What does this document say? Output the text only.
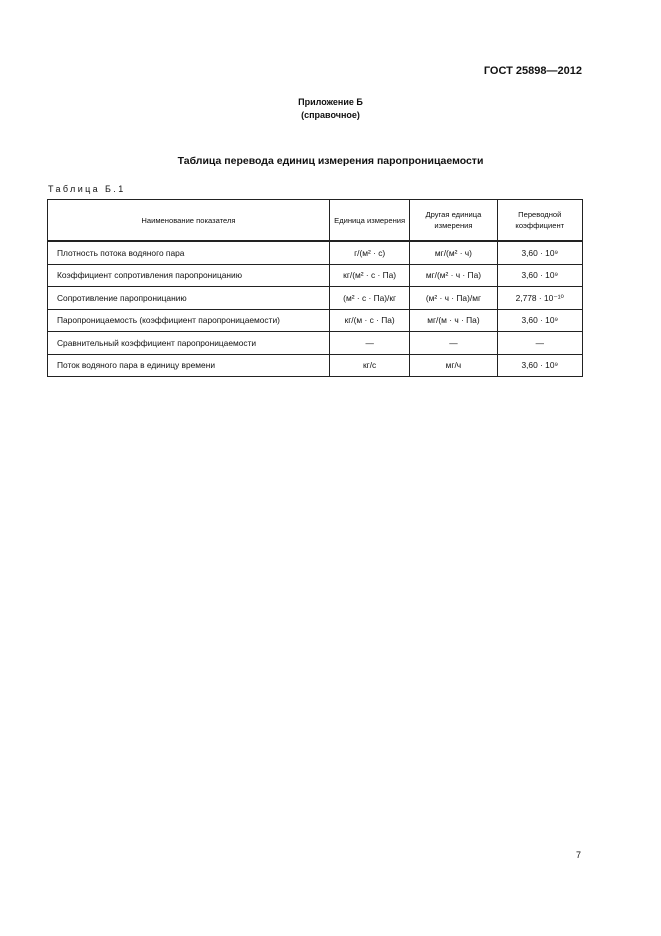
ГОСТ 25898—2012
Приложение Б
(справочное)
Таблица перевода единиц измерения паропроницаемости
Таблица Б.1
Наименование показателя	Единица измерения	Другая единица измерения	Переводной коэффициент
Плотность потока водяного пара	г/(м² · с)	мг/(м² · ч)	3,60 · 10⁹
Коэффициент сопротивления паропроницанию	кг/(м² · с · Па)	мг/(м² · ч · Па)	3,60 · 10⁹
Сопротивление паропроницанию	(м² · с · Па)/кг	(м² · ч · Па)/мг	2,778 · 10⁻¹⁰
Паропроницаемость (коэффициент паропроницаемости)	кг/(м · с · Па)	мг/(м · ч · Па)	3,60 · 10⁹
Сравнительный коэффициент паропроницаемости	—	—	—
Поток водяного пара в единицу времени	кг/с	мг/ч	3,60 · 10⁹
7
